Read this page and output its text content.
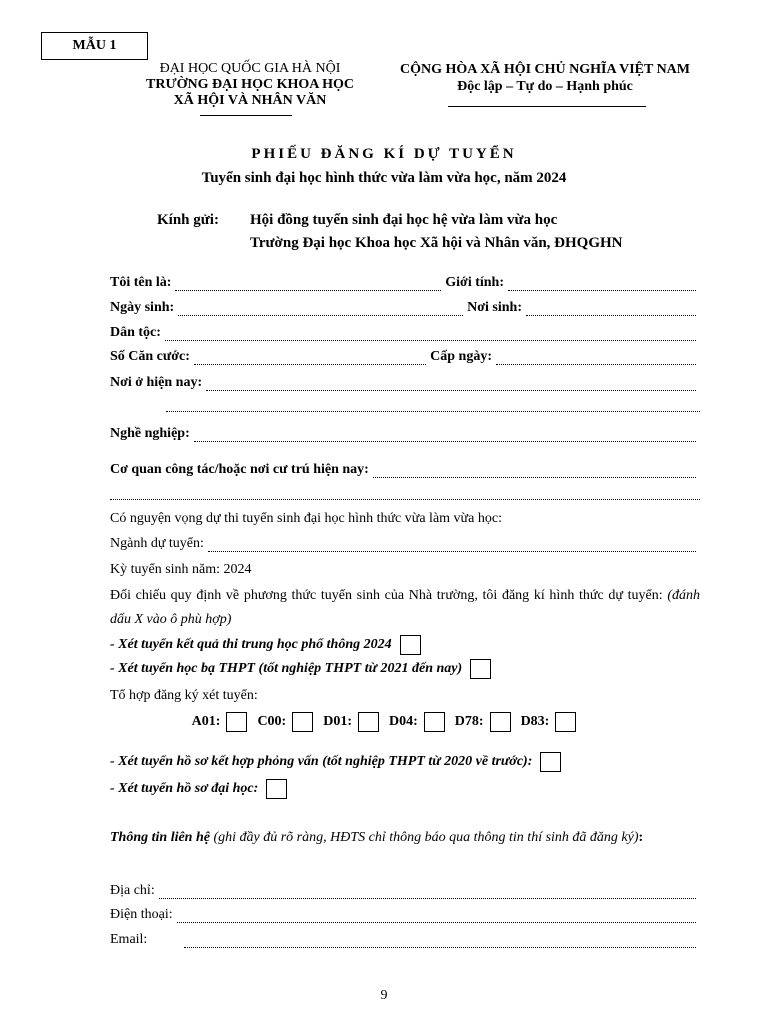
MẪU 1
ĐẠI HỌC QUỐC GIA HÀ NỘI
TRƯỜNG ĐẠI HỌC KHOA HỌC
XÃ HỘI VÀ NHÂN VĂN
CỘNG HÒA XÃ HỘI CHỦ NGHĨA VIỆT NAM
Độc lập – Tự do – Hạnh phúc
PHIẾU ĐĂNG KÍ DỰ TUYỂN
Tuyển sinh đại học hình thức vừa làm vừa học, năm 2024
Kính gửi: Hội đồng tuyển sinh đại học hệ vừa làm vừa học
Trường Đại học Khoa học Xã hội và Nhân văn, ĐHQGHN
Tôi tên là:	Giới tính:
Ngày sinh:	Nơi sinh:
Dân tộc:
Số Căn cước:	Cấp ngày:
Nơi ở hiện nay:
Nghề nghiệp:
Cơ quan công tác/hoặc nơi cư trú hiện nay:
Có nguyện vọng dự thi tuyển sinh đại học hình thức vừa làm vừa học:
Ngành dự tuyển:
Kỳ tuyển sinh năm: 2024
Đối chiếu quy định về phương thức tuyển sinh của Nhà trường, tôi đăng kí hình thức dự tuyển: (đánh dấu X vào ô phù hợp)
- Xét tuyển kết quả thi trung học phổ thông 2024
- Xét tuyển học bạ THPT (tốt nghiệp THPT từ 2021 đến nay)
Tổ hợp đăng ký xét tuyển:
A01:	C00:	D01:	D04:	D78:	D83:
- Xét tuyển hồ sơ kết hợp phỏng vấn (tốt nghiệp THPT từ 2020 về trước):
- Xét tuyển hồ sơ đại học:
Thông tin liên hệ (ghi đầy đủ rõ ràng, HĐTS chỉ thông báo qua thông tin thí sinh đã đăng ký):
Địa chỉ:
Điện thoại:
Email:
9
